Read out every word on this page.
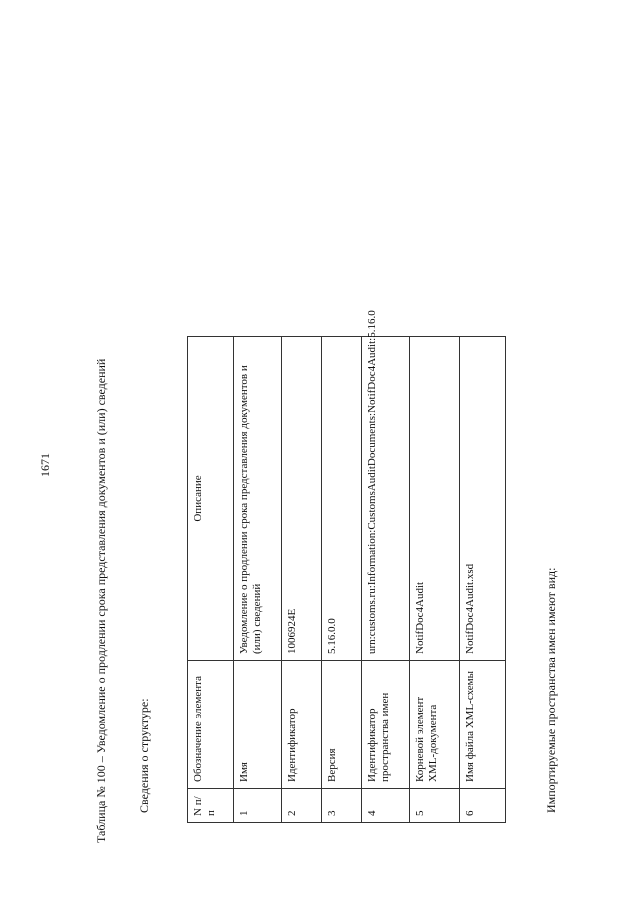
1671	Таблица № 100 – Уведомление о продлении срока представления документов и (или) сведений Сведения о структуре:	N п/п	Обозначение элемента	Описание
1	Имя	Уведомление о продлении срока представления документов и (или) сведений
2	Идентификатор	1006924E
3	Версия	5.16.0.0
4	Идентификатор пространства имен	urn:customs.ru:Information:CustomsAuditDocuments:NotifDoc4Audit:5.16.0
5	Корневой элемент XML-документа	NotifDoc4Audit
6	Имя файла XML-схемы	NotifDoc4Audit.xsd	Импортируемые пространства имен имеют вид:
